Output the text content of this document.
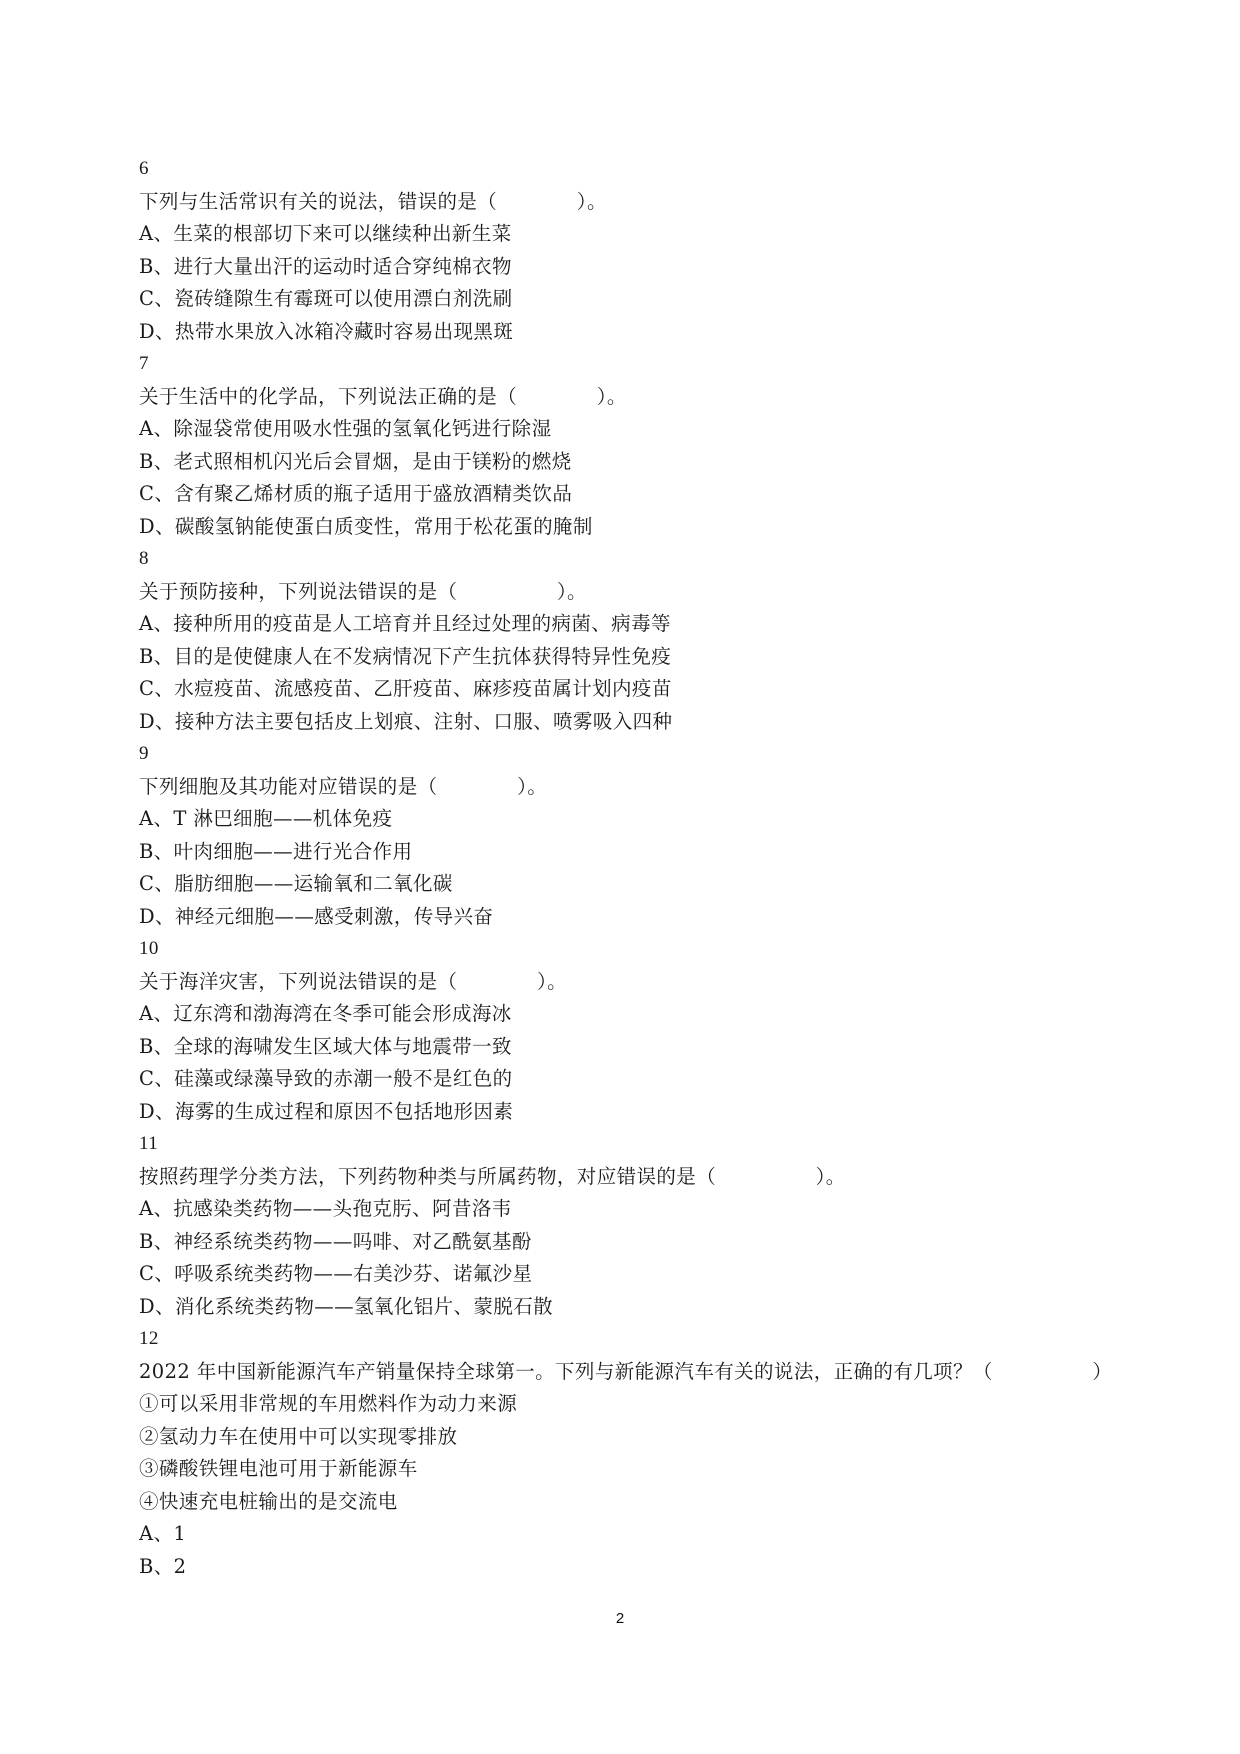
6
下列与生活常识有关的说法，错误的是（　　　　）。
A、生菜的根部切下来可以继续种出新生菜
B、进行大量出汗的运动时适合穿纯棉衣物
C、瓷砖缝隙生有霉斑可以使用漂白剂洗刷
D、热带水果放入冰箱冷藏时容易出现黑斑
7
关于生活中的化学品，下列说法正确的是（　　　　）。
A、除湿袋常使用吸水性强的氢氧化钙进行除湿
B、老式照相机闪光后会冒烟，是由于镁粉的燃烧
C、含有聚乙烯材质的瓶子适用于盛放酒精类饮品
D、碳酸氢钠能使蛋白质变性，常用于松花蛋的腌制
8
关于预防接种，下列说法错误的是（　　　　　）。
A、接种所用的疫苗是人工培育并且经过处理的病菌、病毒等
B、目的是使健康人在不发病情况下产生抗体获得特异性免疫
C、水痘疫苗、流感疫苗、乙肝疫苗、麻疹疫苗属计划内疫苗
D、接种方法主要包括皮上划痕、注射、口服、喷雾吸入四种
9
下列细胞及其功能对应错误的是（　　　　）。
A、T 淋巴细胞——机体免疫
B、叶肉细胞——进行光合作用
C、脂肪细胞——运输氧和二氧化碳
D、神经元细胞——感受刺激，传导兴奋
10
关于海洋灾害，下列说法错误的是（　　　　）。
A、辽东湾和渤海湾在冬季可能会形成海冰
B、全球的海啸发生区域大体与地震带一致
C、硅藻或绿藻导致的赤潮一般不是红色的
D、海雾的生成过程和原因不包括地形因素
11
按照药理学分类方法，下列药物种类与所属药物，对应错误的是（　　　　　）。
A、抗感染类药物——头孢克肟、阿昔洛韦
B、神经系统类药物——吗啡、对乙酰氨基酚
C、呼吸系统类药物——右美沙芬、诺氟沙星
D、消化系统类药物——氢氧化铝片、蒙脱石散
12
2022 年中国新能源汽车产销量保持全球第一。下列与新能源汽车有关的说法，正确的有几项？（　　　　　）
①可以采用非常规的车用燃料作为动力来源
②氢动力车在使用中可以实现零排放
③磷酸铁锂电池可用于新能源车
④快速充电桩输出的是交流电
A、1
B、2
2
